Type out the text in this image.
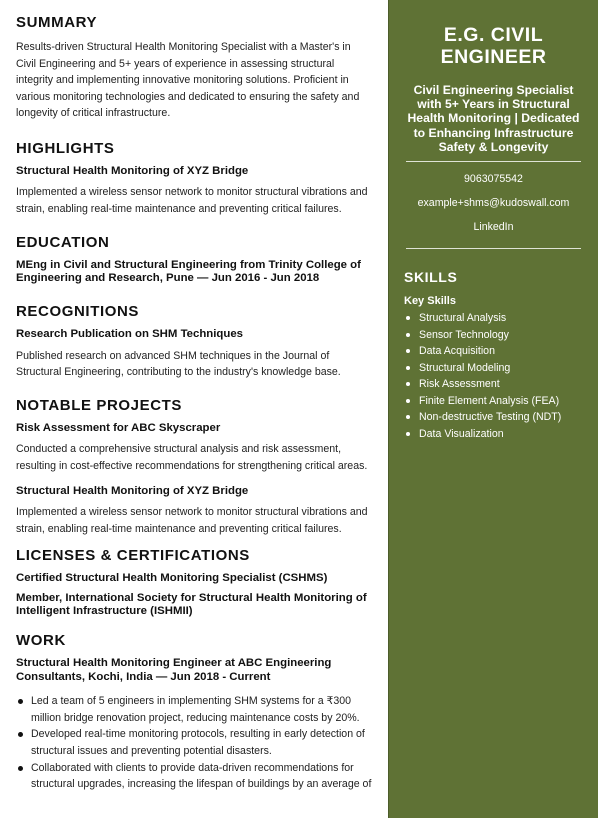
SUMMARY

Results-driven Structural Health Monitoring Specialist with a Master's in Civil Engineering and 5+ years of experience in assessing structural integrity and implementing innovative monitoring solutions. Proficient in various monitoring technologies and dedicated to ensuring the safety and longevity of critical infrastructure.

HIGHLIGHTS
Structural Health Monitoring of XYZ Bridge

Implemented a wireless sensor network to monitor structural vibrations and strain, enabling real-time maintenance and preventing critical failures.

EDUCATION
MEng in Civil and Structural Engineering from Trinity College of Engineering and Research, Pune — Jun 2016 - Jun 2018
RECOGNITIONS
Research Publication on SHM Techniques

Published research on advanced SHM techniques in the Journal of Structural Engineering, contributing to the industry's knowledge base.

NOTABLE PROJECTS
Risk Assessment for ABC Skyscraper

Conducted a comprehensive structural analysis and risk assessment, resulting in cost-effective recommendations for strengthening critical areas.

Structural Health Monitoring of XYZ Bridge

Implemented a wireless sensor network to monitor structural vibrations and strain, enabling real-time maintenance and preventing critical failures.

LICENSES & CERTIFICATIONS
Certified Structural Health Monitoring Specialist (CSHMS)
Member, International Society for Structural Health Monitoring of Intelligent Infrastructure (ISHMII)
WORK
Structural Health Monitoring Engineer at ABC Engineering Consultants, Kochi, India — Jun 2018 - Current
Led a team of 5 engineers in implementing SHM systems for a ₹300 million bridge renovation project, reducing maintenance costs by 20%.
Developed real-time monitoring protocols, resulting in early detection of structural issues and preventing potential disasters.
Collaborated with clients to provide data-driven recommendations for structural upgrades, increasing the lifespan of buildings by an average of
E.G. CIVIL ENGINEER
Civil Engineering Specialist with 5+ Years in Structural Health Monitoring | Dedicated to Enhancing Infrastructure Safety & Longevity
9063075542
example+shms@kudoswall.com
LinkedIn
SKILLS
Key Skills
Structural Analysis
Sensor Technology
Data Acquisition
Structural Modeling
Risk Assessment
Finite Element Analysis (FEA)
Non-destructive Testing (NDT)
Data Visualization
